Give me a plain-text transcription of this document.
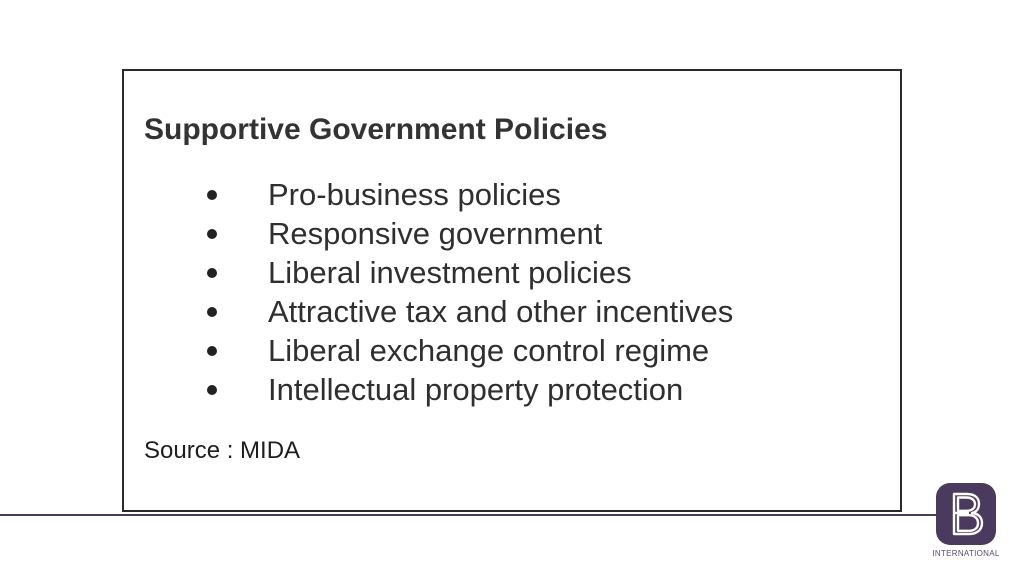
Supportive Government Policies
Pro-business policies
Responsive government
Liberal investment policies
Attractive tax and other incentives
Liberal exchange control regime
Intellectual property protection
Source : MIDA
INTERNATIONAL
